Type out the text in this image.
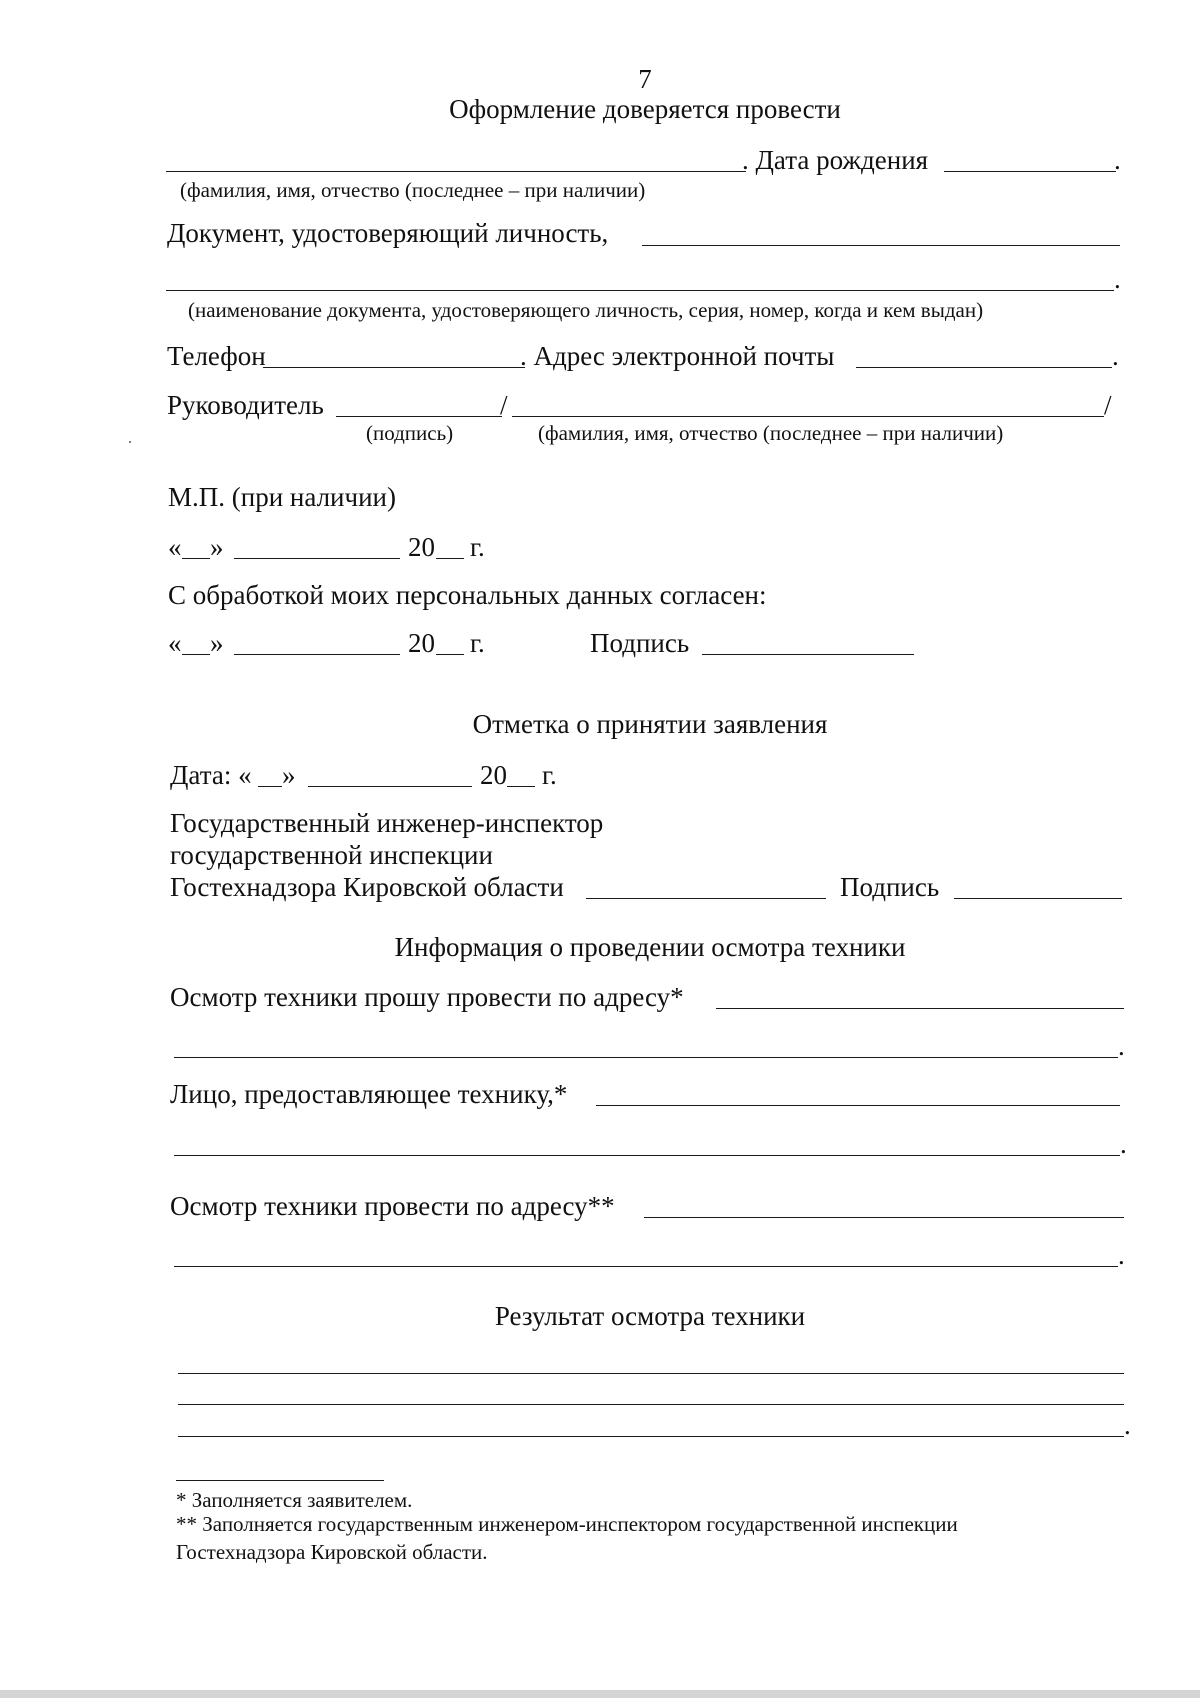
7
Оформление доверяется провести
. Дата рождения	.
(фамилия, имя, отчество (последнее – при наличии)
Документ, удостоверяющий личность,
.
(наименование документа, удостоверяющего личность, серия, номер, когда и кем выдан)
Телефон	. Адрес электронной почты	.
Руководитель	/	/
(подпись)	(фамилия, имя, отчество (последнее – при наличии)
М.П. (при наличии)
« »	20 г.
С обработкой моих персональных данных согласен:
« »	20 г.	Подпись
Отметка о принятии заявления
Дата: « »	20 г.
Государственный инженер-инспектор
государственной инспекции
Гостехнадзора Кировской области	Подпись
Информация о проведении осмотра техники
Осмотр техники прошу провести по адресу*
.
Лицо, предоставляющее технику,*
.
Осмотр техники провести по адресу**
.
Результат осмотра техники
.
* Заполняется заявителем.
** Заполняется государственным инженером-инспектором государственной инспекции
Гостехнадзора Кировской области.
